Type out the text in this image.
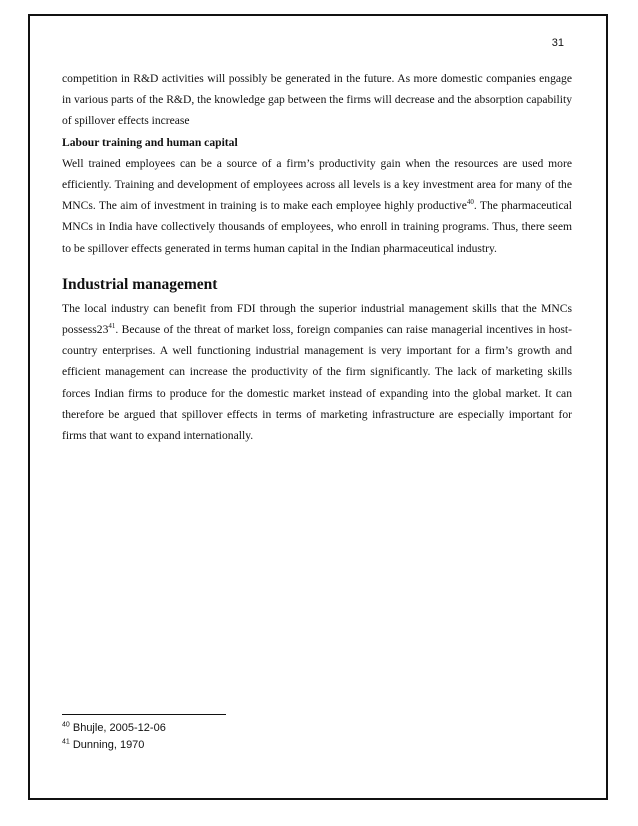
31

competition in R&D activities will possibly be generated in the future. As more domestic companies engage in various parts of the R&D, the knowledge gap between the firms will decrease and the absorption capability of spillover effects increase

Labour training and human capital

Well trained employees can be a source of a firm’s productivity gain when the resources are used more efficiently. Training and development of employees across all levels is a key investment area for many of the MNCs. The aim of investment in training is to make each employee highly productive$^{40}$. The pharmaceutical MNCs in India have collectively thousands of employees, who enroll in training programs. Thus, there seem to be spillover effects generated in terms human capital in the Indian pharmaceutical industry.

Industrial management

The local industry can benefit from FDI through the superior industrial management skills that the MNCs $possess23^{41}$. Because of the threat of market loss, foreign companies can raise managerial incentives in host- country enterprises. A well functioning industrial management is very important for a firm’s growth and efficient management can increase the productivity of the firm significantly. The lack of marketing skills forces Indian firms to produce for the domestic market instead of expanding into the global market. It can therefore be argued that spillover effects in terms of marketing infrastructure are especially important for firms that want to expand internationally.

$^{40}$ Bhujle, 2005-12-06
$^{41}$ Dunning, 1970
